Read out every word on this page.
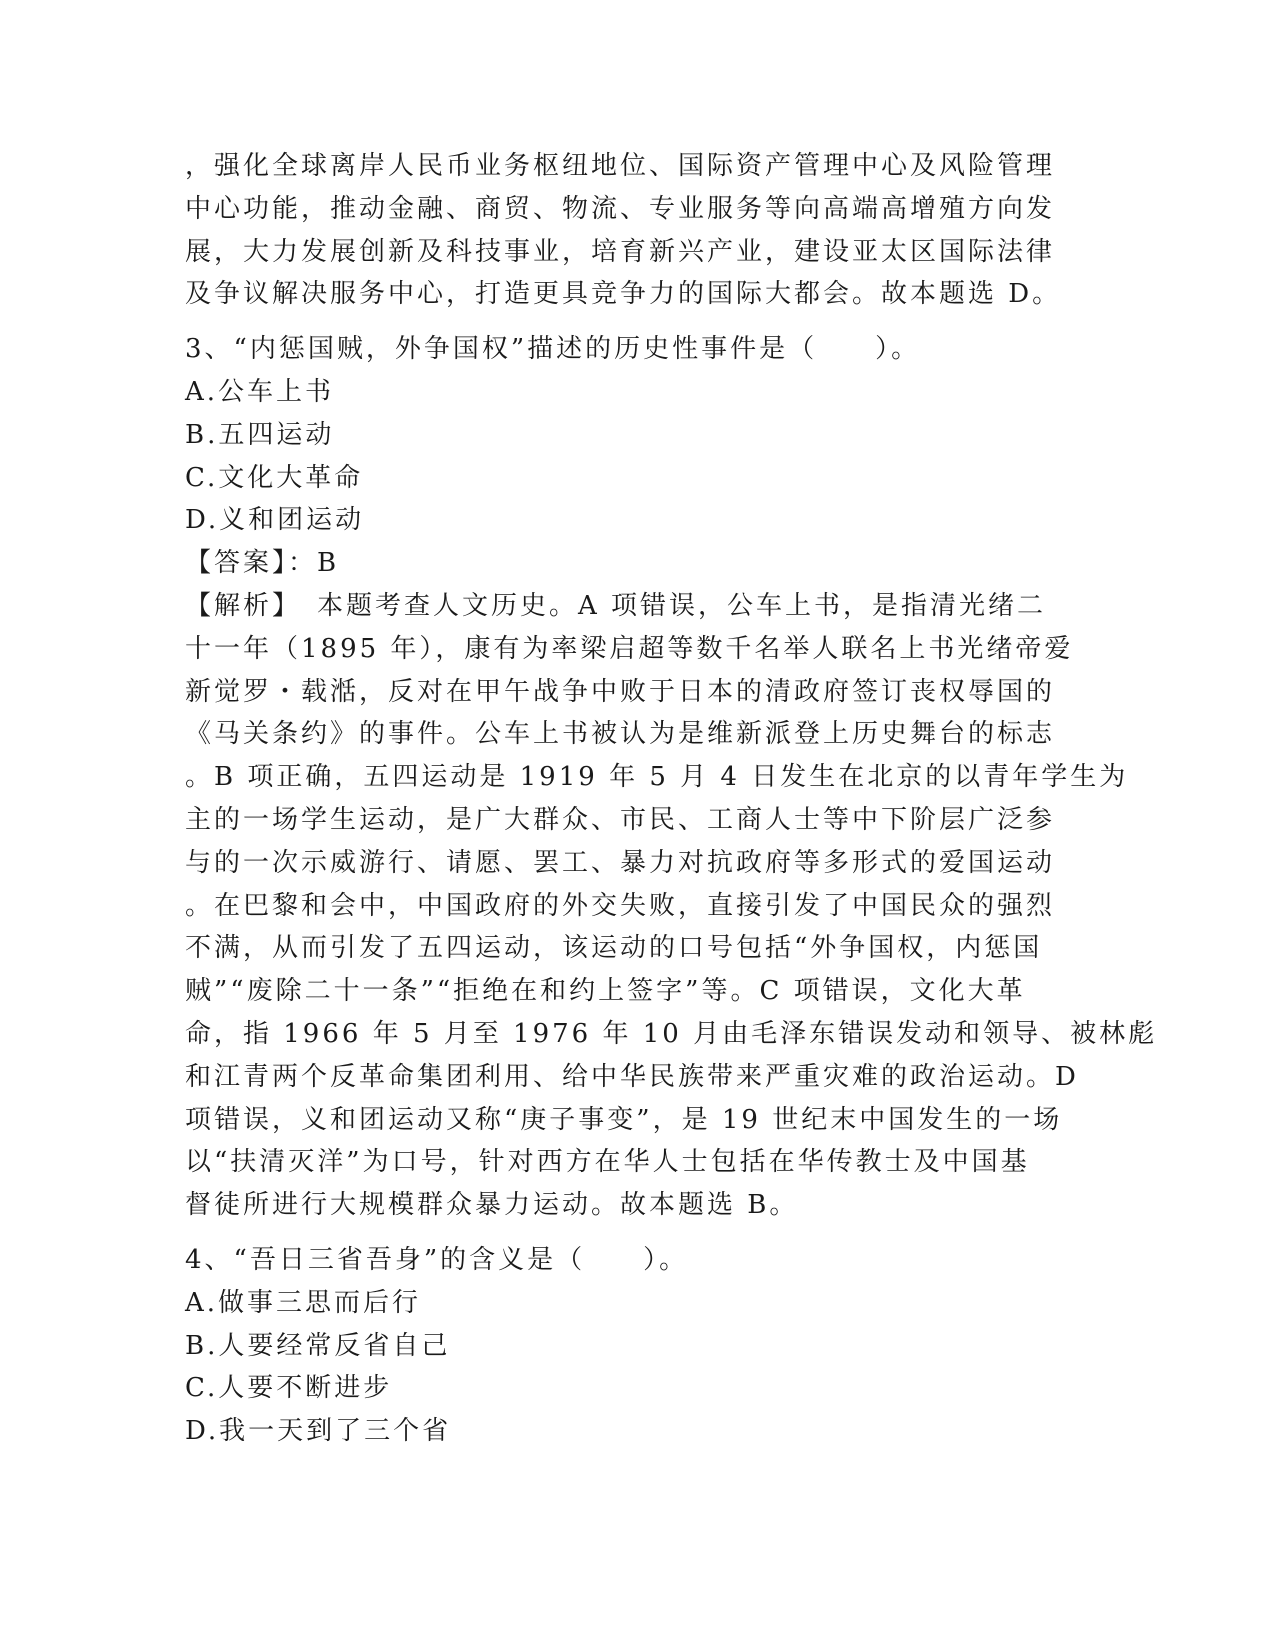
，强化全球离岸人民币业务枢纽地位、国际资产管理中心及风险管理
中心功能，推动金融、商贸、物流、专业服务等向高端高增殖方向发
展，大力发展创新及科技事业，培育新兴产业，建设亚太区国际法律
及争议解决服务中心，打造更具竞争力的国际大都会。故本题选 D。

3、“内惩国贼，外争国权”描述的历史性事件是（　　）。

A.公车上书

B.五四运动

C.文化大革命

D.义和团运动

【答案】：B

【解析】　本题考查人文历史。A 项错误，公车上书，是指清光绪二
十一年（1895 年），康有为率梁启超等数千名举人联名上书光绪帝爱
新觉罗・载湉，反对在甲午战争中败于日本的清政府签订丧权辱国的
《马关条约》的事件。公车上书被认为是维新派登上历史舞台的标志
。B 项正确，五四运动是 1919 年 5 月 4 日发生在北京的以青年学生为
主的一场学生运动，是广大群众、市民、工商人士等中下阶层广泛参
与的一次示威游行、请愿、罢工、暴力对抗政府等多形式的爱国运动
。在巴黎和会中，中国政府的外交失败，直接引发了中国民众的强烈
不满，从而引发了五四运动，该运动的口号包括“外争国权，内惩国
贼”“废除二十一条”“拒绝在和约上签字”等。C 项错误，文化大革
命，指 1966 年 5 月至 1976 年 10 月由毛泽东错误发动和领导、被林彪
和江青两个反革命集团利用、给中华民族带来严重灾难的政治运动。D
项错误，义和团运动又称“庚子事变”，是 19 世纪末中国发生的一场
以“扶清灭洋”为口号，针对西方在华人士包括在华传教士及中国基
督徒所进行大规模群众暴力运动。故本题选 B。

4、“吾日三省吾身”的含义是（　　）。

A.做事三思而后行

B.人要经常反省自己

C.人要不断进步

D.我一天到了三个省
